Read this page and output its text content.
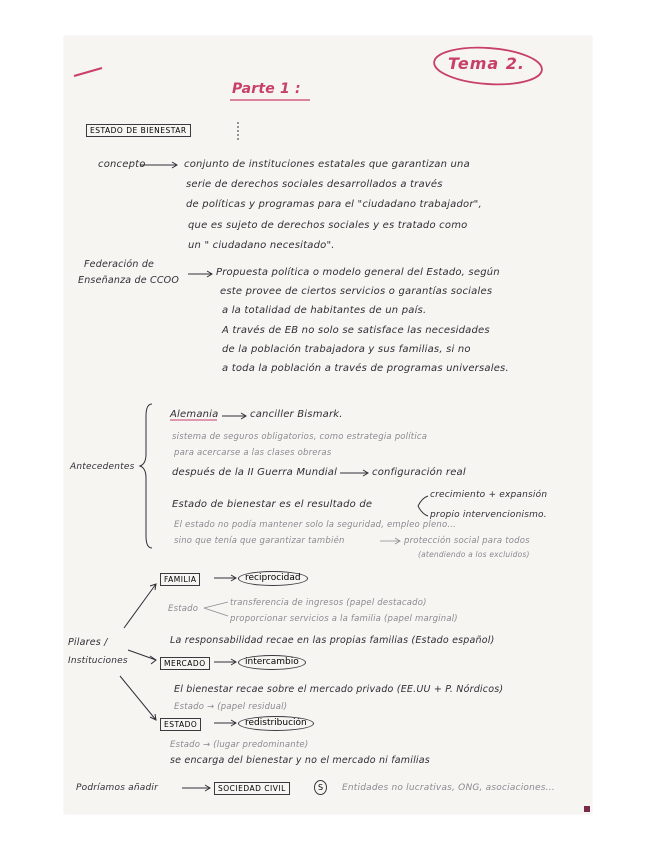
Tema 2.
Parte 1 :
ESTADO DE BIENESTAR
concepto	conjunto de instituciones estatales que garantizan una
serie de derechos sociales desarrollados a través
de políticas y programas para el "ciudadano trabajador",
que es sujeto de derechos sociales y es tratado como
un " ciudadano necesitado".
Federación de
Enseñanza de CCOO
Propuesta política o modelo general del Estado, según
este provee de ciertos servicios o garantías sociales
a la totalidad de habitantes de un país.
A través de EB no solo se satisface las necesidades
de la población trabajadora y sus familias, si no
a toda la población a través de programas universales.
Antecedentes
Alemania	canciller Bismark.
sistema de seguros obligatorios, como estrategia política
para acercarse a las clases obreras
después de la II Guerra Mundial	configuración real
Estado de bienestar es el resultado de
crecimiento + expansión
propio intervencionismo.
El estado no podía mantener solo la seguridad, empleo pleno...
sino que tenía que garantizar también	protección social para todos
(atendiendo a los excluidos)
Pilares /
Instituciones
FAMILIA	reciprocidad
Estado
transferencia de ingresos (papel destacado)
proporcionar servicios a la familia (papel marginal)
La responsabilidad recae en las propias familias (Estado español)
MERCADO	intercambio
El bienestar recae sobre el mercado privado (EE.UU + P. Nórdicos)
Estado → (papel residual)
ESTADO	redistribución
Estado → (lugar predominante)
se encarga del bienestar y no el mercado ni familias
Podríamos añadir	SOCIEDAD CIVIL	S	Entidades no lucrativas, ONG, asociaciones...
